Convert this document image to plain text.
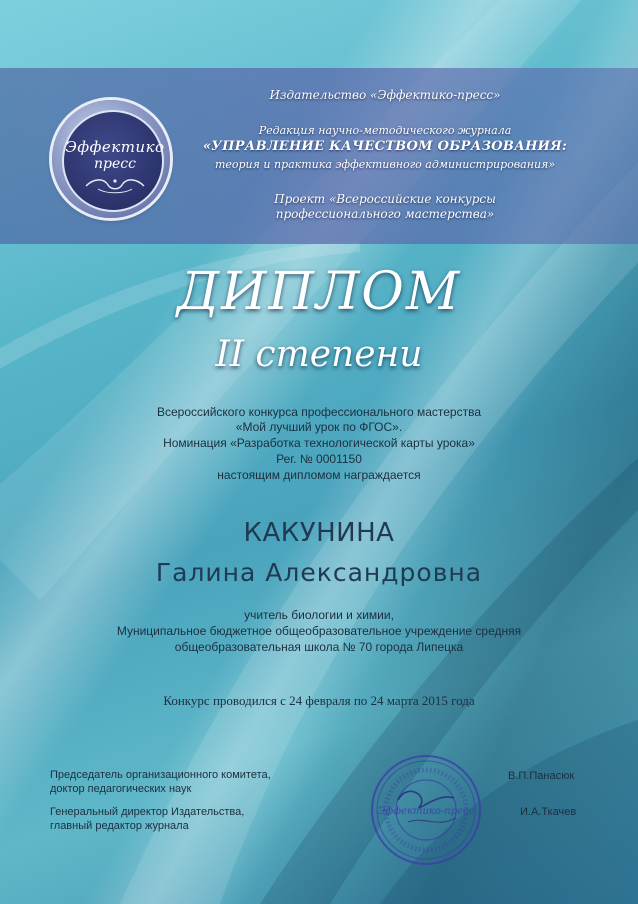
Эффектико
пресс
Издательство «Эффектико-пресс»
Редакция научно-методического журнала
«УПРАВЛЕНИЕ КАЧЕСТВОМ ОБРАЗОВАНИЯ:
теория и практика эффективного администрирования»
Проект «Всероссийские конкурсы
профессионального мастерства»
ДИПЛОМ
II степени
Всероссийского конкурса профессионального мастерства
«Мой лучший урок по ФГОС».
Номинация «Разработка технологической карты урока»
Рег. № 0001150
настоящим дипломом награждается
КАКУНИНА
Галина Александровна
учитель биологии и химии,
Муниципальное бюджетное общеобразовательное учреждение средняя
общеобразовательная школа № 70 города Липецка
Конкурс проводился с 24 февраля по 24 марта 2015 года
Председатель организационного комитета,
доктор педагогических наук
Генеральный директор Издательства,
главный редактор журнала
В.П.Панасюк
И.А.Ткачев
Эффектико-пресс
